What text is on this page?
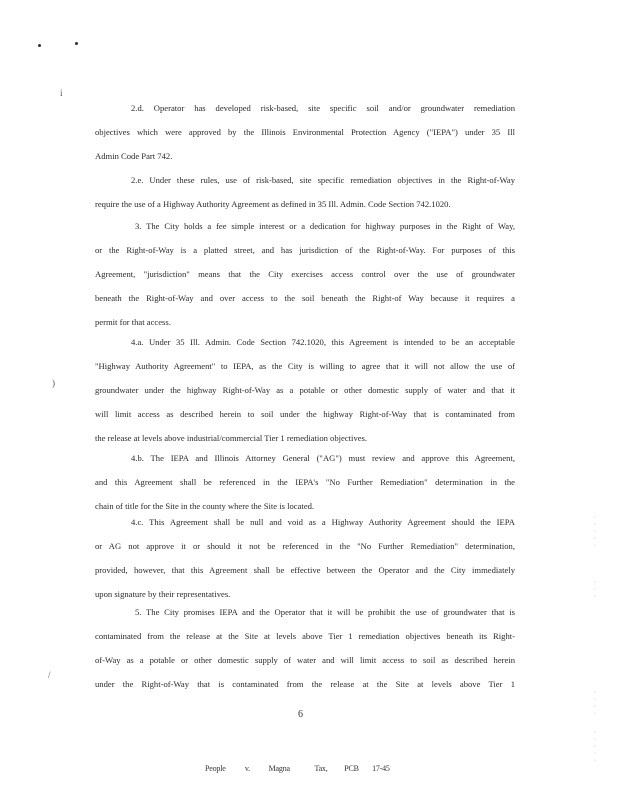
i
)
/
·
·
·
·
·
·
·
·
·
·
·
·
·
·
·
·
·
2.d. Operator has developed risk-based, site specific soil and/or groundwater remediation
objectives which were approved by the Illinois Environmental Protection Agency ("IEPA") under 35 Ill
Admin Code Part 742.
2.e. Under these rules, use of risk-based, site specific remediation objectives in the Right-of-Way
require the use of a Highway Authority Agreement as defined in 35 Ill. Admin. Code Section 742.1020.
3. The City holds a fee simple interest or a dedication for highway purposes in the Right of Way,
or the Right-of-Way is a platted street, and has jurisdiction of the Right-of-Way. For purposes of this
Agreement, "jurisdiction" means that the City exercises access control over the use of groundwater
beneath the Right-of-Way and over access to the soil beneath the Right-of Way because it requires a
permit for that access.
4.a. Under 35 Ill. Admin. Code Section 742.1020, this Agreement is intended to be an acceptable
"Highway Authority Agreement" to IEPA, as the City is willing to agree that it will not allow the use of
groundwater under the highway Right-of-Way as a potable or other domestic supply of water and that it
will limit access as described herein to soil under the highway Right-of-Way that is contaminated from
the release at levels above industrial/commercial Tier 1 remediation objectives.
4.b. The IEPA and Illinois Attorney General ("AG") must review and approve this Agreement,
and this Agreement shall be referenced in the IEPA's "No Further Remediation" determination in the
chain of title for the Site in the county where the Site is located.
4.c. This Agreement shall be null and void as a Highway Authority Agreement should the IEPA
or AG not approve it or should it not be referenced in the "No Further Remediation" determination,
provided, however, that this Agreement shall be effective between the Operator and the City immediately
upon signature by their representatives.
5. The City promises IEPA and the Operator that it will be prohibit the use of groundwater that is
contaminated from the release at the Site at levels above Tier 1 remediation objectives beneath its Right-
of-Way as a potable or other domestic supply of water and will limit access to soil as described herein
under the Right-of-Way that is contaminated from the release at the Site at levels above Tier 1
6
People v. Magna	Tax, PCB 17-45
